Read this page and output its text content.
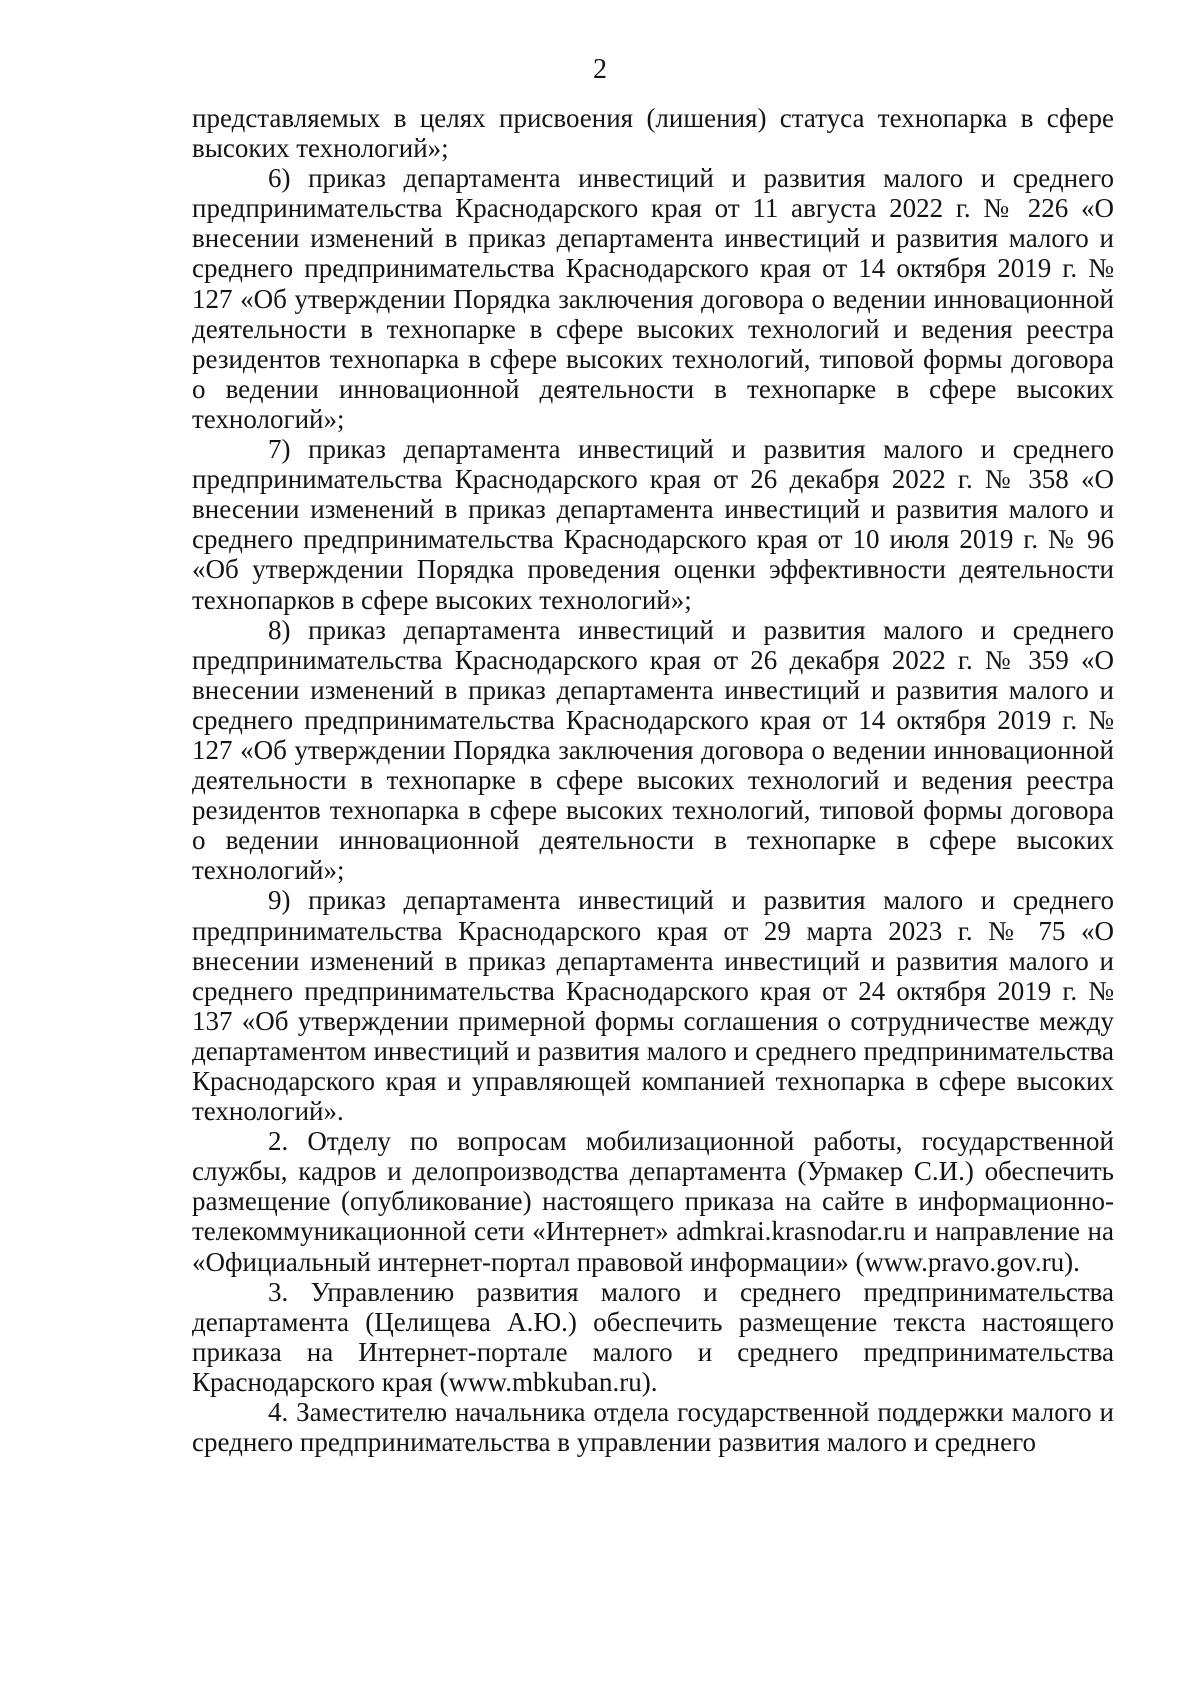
2

представляемых в целях присвоения (лишения) статуса технопарка в сфере высоких технологий»;

6) приказ департамента инвестиций и развития малого и среднего предпринимательства Краснодарского края от 11 августа 2022 г. № 226 «О внесении изменений в приказ департамента инвестиций и развития малого и среднего предпринимательства Краснодарского края от 14 октября 2019 г. № 127 «Об утверждении Порядка заключения договора о ведении инновационной деятельности в технопарке в сфере высоких технологий и ведения реестра резидентов технопарка в сфере высоких технологий, типовой формы договора о ведении инновационной деятельности в технопарке в сфере высоких технологий»;

7) приказ департамента инвестиций и развития малого и среднего предпринимательства Краснодарского края от 26 декабря 2022 г. № 358 «О внесении изменений в приказ департамента инвестиций и развития малого и среднего предпринимательства Краснодарского края от 10 июля 2019 г. № 96 «Об утверждении Порядка проведения оценки эффективности деятельности технопарков в сфере высоких технологий»;

8) приказ департамента инвестиций и развития малого и среднего предпринимательства Краснодарского края от 26 декабря 2022 г. № 359 «О внесении изменений в приказ департамента инвестиций и развития малого и среднего предпринимательства Краснодарского края от 14 октября 2019 г. № 127 «Об утверждении Порядка заключения договора о ведении инновационной деятельности в технопарке в сфере высоких технологий и ведения реестра резидентов технопарка в сфере высоких технологий, типовой формы договора о ведении инновационной деятельности в технопарке в сфере высоких технологий»;

9) приказ департамента инвестиций и развития малого и среднего предпринимательства Краснодарского края от 29 марта 2023 г. № 75 «О внесении изменений в приказ департамента инвестиций и развития малого и среднего предпринимательства Краснодарского края от 24 октября 2019 г. № 137 «Об утверждении примерной формы соглашения о сотрудничестве между департаментом инвестиций и развития малого и среднего предпринимательства Краснодарского края и управляющей компанией технопарка в сфере высоких технологий».

2. Отделу по вопросам мобилизационной работы, государственной службы, кадров и делопроизводства департамента (Урмакер С.И.) обеспечить размещение (опубликование) настоящего приказа на сайте в информационно-телекоммуникационной сети «Интернет» admkrai.krasnodar.ru и направление на «Официальный интернет-портал правовой информации» (www.pravo.gov.ru).

3. Управлению развития малого и среднего предпринимательства департамента (Целищева А.Ю.) обеспечить размещение текста настоящего приказа на Интернет-портале малого и среднего предпринимательства Краснодарского края (www.mbkuban.ru).

4. Заместителю начальника отдела государственной поддержки малого и среднего предпринимательства в управлении развития малого и среднего
